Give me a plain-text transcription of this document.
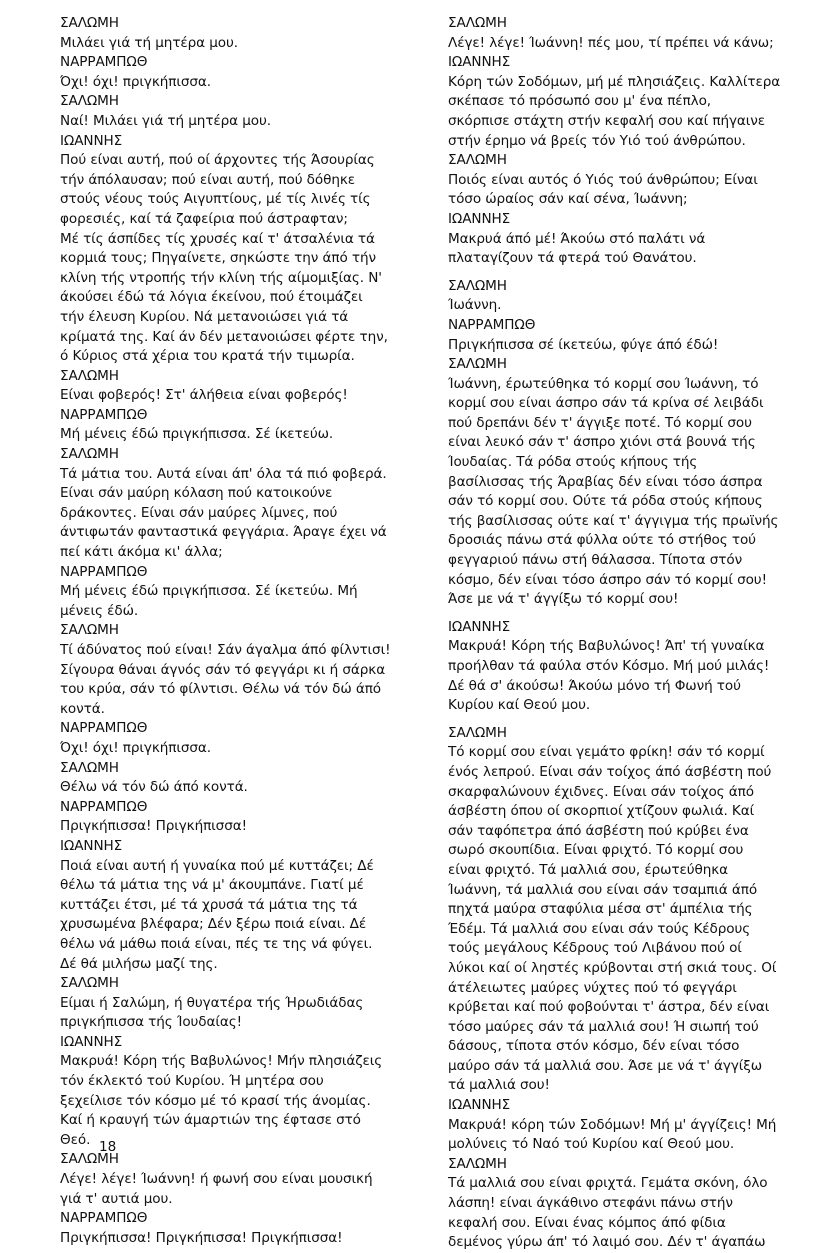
ΣΑΛΩΜΗ
Μιλάει γιά τή μητέρα μου.
ΝΑΡΡΑΜΠΩΘ
Όχι! όχι! πριγκήπισσα.
ΣΑΛΩΜΗ
Ναί! Μιλάει γιά τή μητέρα μου.
ΙΩΑΝΝΗΣ
Πού είναι αυτή, πού οί άρχοντες τής Άσουρίας
τήν άπόλαυσαν; πού είναι αυτή, πού δόθηκε
στούς νέους τούς Αιγυπτίους, μέ τίς λινές τίς
φορεσιές, καί τά ζαφείρια πού άστραφταν;
Μέ τίς άσπίδες τίς χρυσές καί τ' άτσαλένια τά
κορμιά τους; Πηγαίνετε, σηκώστε την άπό τήν
κλίνη τής ντροπής τήν κλίνη τής αίμομιξίας. Ν'
άκούσει έδώ τά λόγια έκείνου, πού έτοιμάζει
τήν έλευση Κυρίου. Νά μετανοιώσει γιά τά
κρίματά της. Καί άν δέν μετανοιώσει φέρτε την,
ό Κύριος στά χέρια του κρατά τήν τιμωρία.
ΣΑΛΩΜΗ
Είναι φοβερός! Στ' άλήθεια είναι φοβερός!
ΝΑΡΡΑΜΠΩΘ
Μή μένεις έδώ πριγκήπισσα. Σέ ίκετεύω.
ΣΑΛΩΜΗ
Τά μάτια του. Αυτά είναι άπ' όλα τά πιό φοβερά.
Είναι σάν μαύρη κόλαση πού κατοικούνε
δράκοντες. Είναι σάν μαύρες λίμνες, πού
άντιφωτάν φανταστικά φεγγάρια. Άραγε έχει νά
πεί κάτι άκόμα κι' άλλα;
ΝΑΡΡΑΜΠΩΘ
Μή μένεις έδώ πριγκήπισσα. Σέ ίκετεύω. Μή
μένεις έδώ.
ΣΑΛΩΜΗ
Τί άδύνατος πού είναι! Σάν άγαλμα άπό φίλντισι!
Σίγουρα θάναι άγνός σάν τό φεγγάρι κι ή σάρκα
του κρύα, σάν τό φίλντισι. Θέλω νά τόν δώ άπό
κοντά.
ΝΑΡΡΑΜΠΩΘ
Όχι! όχι! πριγκήπισσα.
ΣΑΛΩΜΗ
Θέλω νά τόν δώ άπό κοντά.
ΝΑΡΡΑΜΠΩΘ
Πριγκήπισσα! Πριγκήπισσα!
ΙΩΑΝΝΗΣ
Ποιά είναι αυτή ή γυναίκα πού μέ κυττάζει; Δέ
θέλω τά μάτια της νά μ' άκουμπάνε. Γιατί μέ
κυττάζει έτσι, μέ τά χρυσά τά μάτια της τά
χρυσωμένα βλέφαρα; Δέν ξέρω ποιά είναι. Δέ
θέλω νά μάθω ποιά είναι, πές τε της νά φύγει.
Δέ θά μιλήσω μαζί της.
ΣΑΛΩΜΗ
Είμαι ή Σαλώμη, ή θυγατέρα τής Ήρωδιάδας
πριγκήπισσα τής Ίουδαίας!
ΙΩΑΝΝΗΣ
Μακρυά! Κόρη τής Βαβυλώνος! Μήν πλησιάζεις
τόν έκλεκτό τού Κυρίου. Ή μητέρα σου
ξεχείλισε τόν κόσμο μέ τό κρασί τής άνομίας.
Καί ή κραυγή τών άμαρτιών της έφτασε στό
Θεό.
ΣΑΛΩΜΗ
Λέγε! λέγε! Ίωάννη! ή φωνή σου είναι μουσική
γιά τ' αυτιά μου.
ΝΑΡΡΑΜΠΩΘ
Πριγκήπισσα! Πριγκήπισσα! Πριγκήπισσα!
ΣΑΛΩΜΗ
Λέγε! λέγε! Ίωάννη! πές μου, τί πρέπει νά κάνω;
ΙΩΑΝΝΗΣ
Κόρη τών Σοδόμων, μή μέ πλησιάζεις. Καλλίτερα
σκέπασε τό πρόσωπό σου μ' ένα πέπλο,
σκόρπισε στάχτη στήν κεφαλή σου καί πήγαινε
στήν έρημο νά βρείς τόν Υιό τού άνθρώπου.
ΣΑΛΩΜΗ
Ποιός είναι αυτός ό Υιός τού άνθρώπου; Είναι
τόσο ώραίος σάν καί σένα, Ίωάννη;
ΙΩΑΝΝΗΣ
Μακρυά άπό μέ! Άκούω στό παλάτι νά
πλαταγίζουν τά φτερά τού Θανάτου.
ΣΑΛΩΜΗ
Ίωάννη.
ΝΑΡΡΑΜΠΩΘ
Πριγκήπισσα σέ ίκετεύω, φύγε άπό έδώ!
ΣΑΛΩΜΗ
Ίωάννη, έρωτεύθηκα τό κορμί σου Ίωάννη, τό
κορμί σου είναι άσπρο σάν τά κρίνα σέ λειβάδι
πού δρεπάνι δέν τ' άγγιξε ποτέ. Τό κορμί σου
είναι λευκό σάν τ' άσπρο χιόνι στά βουνά τής
Ίουδαίας. Τά ρόδα στούς κήπους τής
βασίλισσας τής Άραβίας δέν είναι τόσο άσπρα
σάν τό κορμί σου. Ούτε τά ρόδα στούς κήπους
τής βασίλισσας ούτε καί τ' άγγιγμα τής πρωϊνής
δροσιάς πάνω στά φύλλα ούτε τό στήθος τού
φεγγαριού πάνω στή θάλασσα. Τίποτα στόν
κόσμο, δέν είναι τόσο άσπρο σάν τό κορμί σου!
Άσε με νά τ' άγγίξω τό κορμί σου!
ΙΩΑΝΝΗΣ
Μακρυά! Κόρη τής Βαβυλώνος! Άπ' τή γυναίκα
προήλθαν τά φαύλα στόν Κόσμο. Μή μού μιλάς!
Δέ θά σ' άκούσω! Άκούω μόνο τή Φωνή τού
Κυρίου καί Θεού μου.
ΣΑΛΩΜΗ
Τό κορμί σου είναι γεμάτο φρίκη! σάν τό κορμί
ένός λεπρού. Είναι σάν τοίχος άπό άσβέστη πού
σκαρφαλώνουν έχιδνες. Είναι σάν τοίχος άπό
άσβέστη όπου οί σκορπιοί χτίζουν φωλιά. Καί
σάν ταφόπετρα άπό άσβέστη πού κρύβει ένα
σωρό σκουπίδια. Είναι φριχτό. Τό κορμί σου
είναι φριχτό. Τά μαλλιά σου, έρωτεύθηκα
Ίωάννη, τά μαλλιά σου είναι σάν τσαμπιά άπό
πηχτά μαύρα σταφύλια μέσα στ' άμπέλια τής
Έδέμ. Τά μαλλιά σου είναι σάν τούς Κέδρους
τούς μεγάλους Κέδρους τού Λιβάνου πού οί
λύκοι καί οί ληστές κρύβονται στή σκιά τους. Οί
άτέλειωτες μαύρες νύχτες πού τό φεγγάρι
κρύβεται καί πού φοβούνται τ' άστρα, δέν είναι
τόσο μαύρες σάν τά μαλλιά σου! Ή σιωπή τού
δάσους, τίποτα στόν κόσμο, δέν είναι τόσο
μαύρο σάν τά μαλλιά σου. Άσε με νά τ' άγγίξω
τά μαλλιά σου!
ΙΩΑΝΝΗΣ
Μακρυά! κόρη τών Σοδόμων! Μή μ' άγγίζεις! Μή
μολύνεις τό Ναό τού Κυρίου καί Θεού μου.
ΣΑΛΩΜΗ
Τά μαλλιά σου είναι φριχτά. Γεμάτα σκόνη, όλο
λάσπη! είναι άγκάθινο στεφάνι πάνω στήν
κεφαλή σου. Είναι ένας κόμπος άπό φίδια
δεμένος γύρω άπ' τό λαιμό σου. Δέν τ' άγαπάω
18
